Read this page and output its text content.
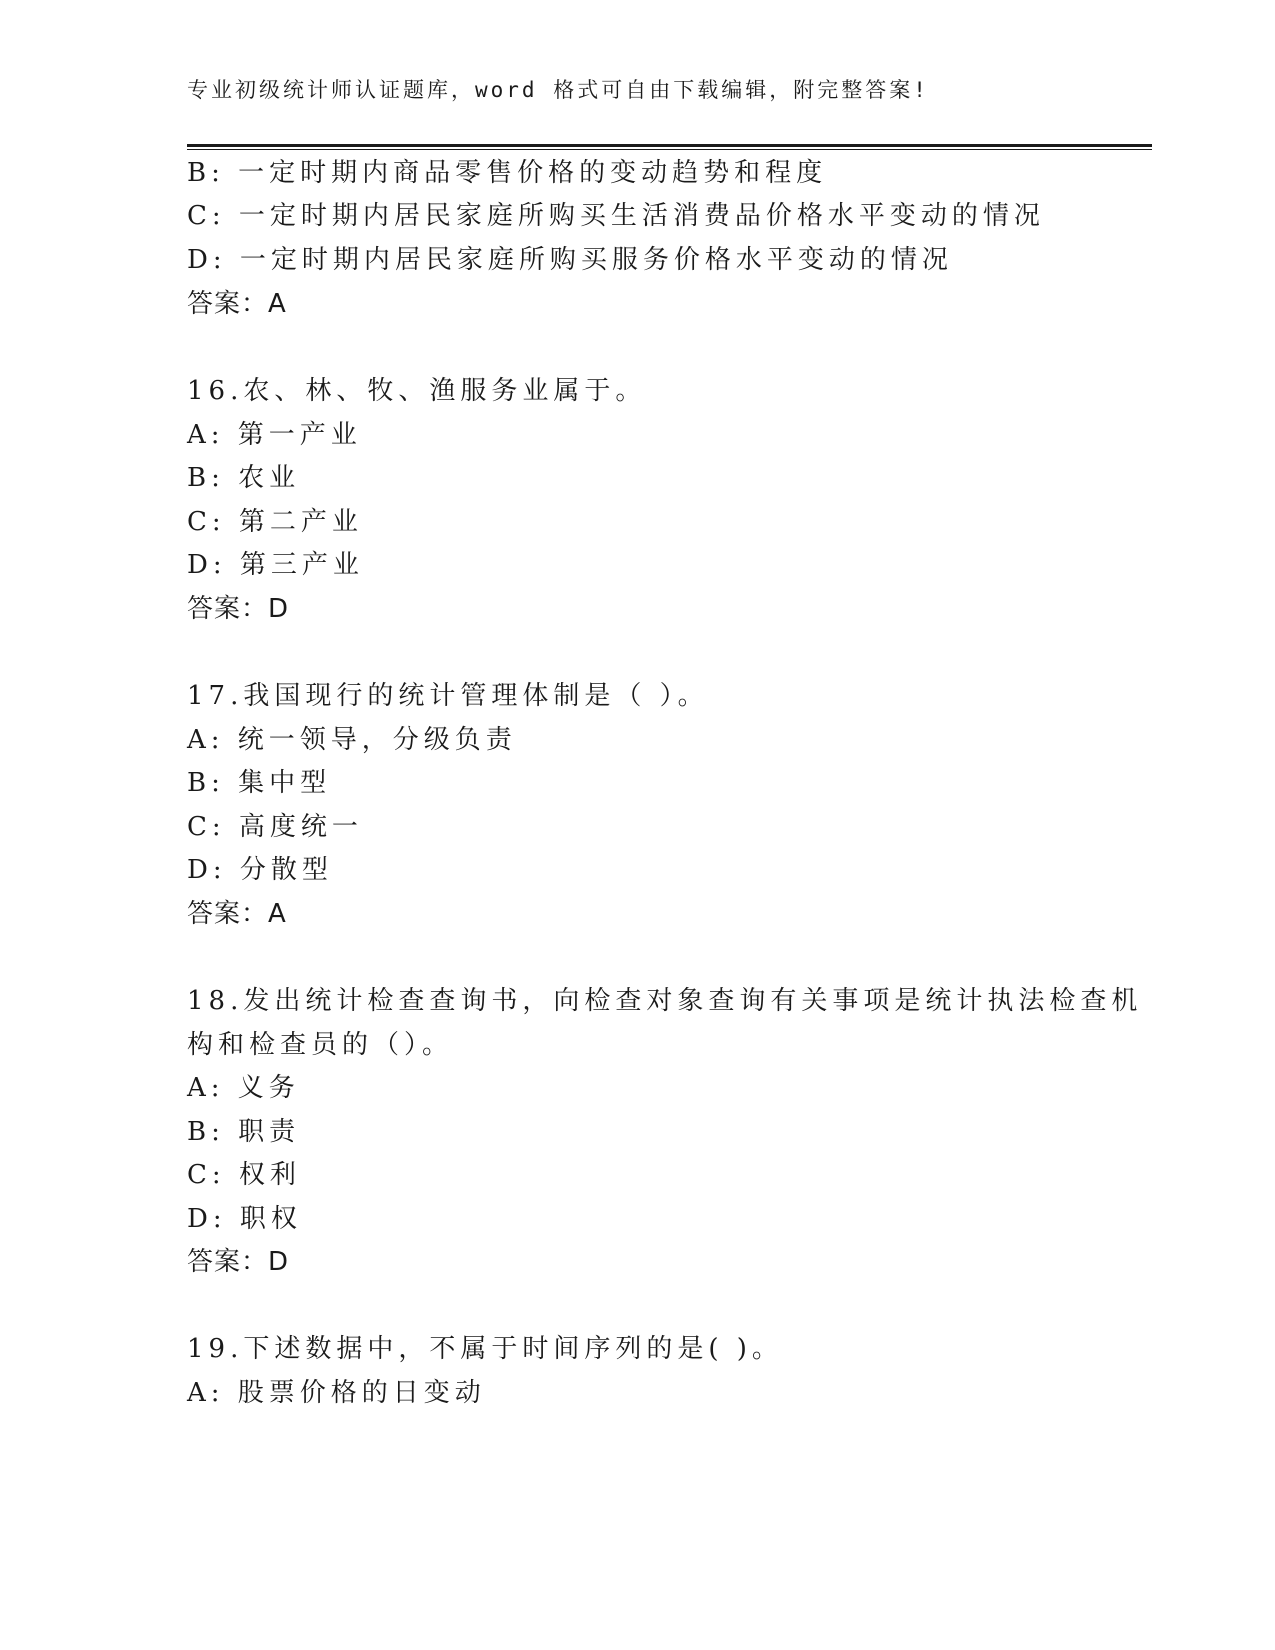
专业初级统计师认证题库，word 格式可自由下载编辑，附完整答案!
B: 一定时期内商品零售价格的变动趋势和程度
C: 一定时期内居民家庭所购买生活消费品价格水平变动的情况
D: 一定时期内居民家庭所购买服务价格水平变动的情况
答案：A
16.农、林、牧、渔服务业属于。
A: 第一产业
B: 农业
C: 第二产业
D: 第三产业
答案：D
17.我国现行的统计管理体制是（ ）。
A: 统一领导，分级负责
B: 集中型
C: 高度统一
D: 分散型
答案：A
18.发出统计检查查询书，向检查对象查询有关事项是统计执法检查机
构和检查员的（）。
A: 义务
B: 职责
C: 权利
D: 职权
答案：D
19.下述数据中，不属于时间序列的是( )。
A: 股票价格的日变动
